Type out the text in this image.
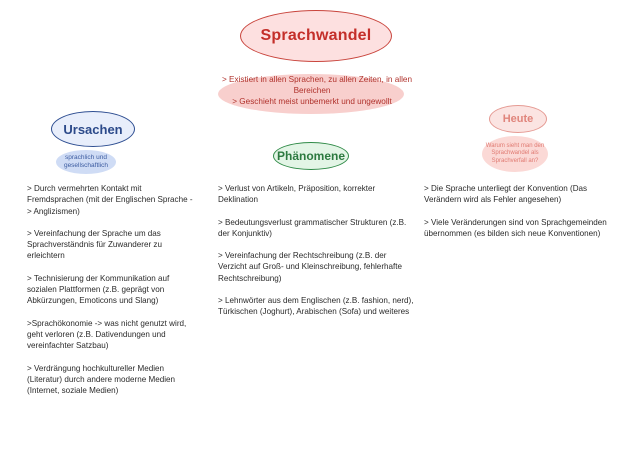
Sprachwandel
> Existiert in allen Sprachen, zu allen Zeiten, in allen
Bereichen
> Geschieht meist unbemerkt und ungewollt
Ursachen
sprachlich und
gesellschaftlich
Phänomene
Heute
Warum sieht man den
Sprachwandel als
Sprachverfall an?

> Durch vermehrten Kontakt mit Fremdsprachen (mit der Englischen Sprache -> Anglizismen)

> Vereinfachung der Sprache um das Sprachverständnis für Zuwanderer zu erleichtern

> Technisierung der Kommunikation auf sozialen Plattformen (z.B. geprägt von Abkürzungen, Emoticons und Slang)

>Sprachökonomie -> was nicht genutzt wird, geht verloren (z.B. Dativendungen und vereinfachter Satzbau)

> Verdrängung hochkultureller Medien (Literatur) durch andere moderne Medien (Internet, soziale Medien)

> Verlust von Artikeln, Präposition, korrekter Deklination

> Bedeutungsverlust grammatischer Strukturen (z.B. der Konjunktiv)

> Vereinfachung der Rechtschreibung (z.B. der Verzicht auf Groß- und Kleinschreibung, fehlerhafte Rechtschreibung)

> Lehnwörter aus dem Englischen (z.B. fashion, nerd), Türkischen (Joghurt), Arabischen (Sofa) und weiteres

> Die Sprache unterliegt der Konvention (Das Verändern wird als Fehler angesehen)

> Viele Veränderungen sind von Sprachgemeinden übernommen (es bilden sich neue Konventionen)
